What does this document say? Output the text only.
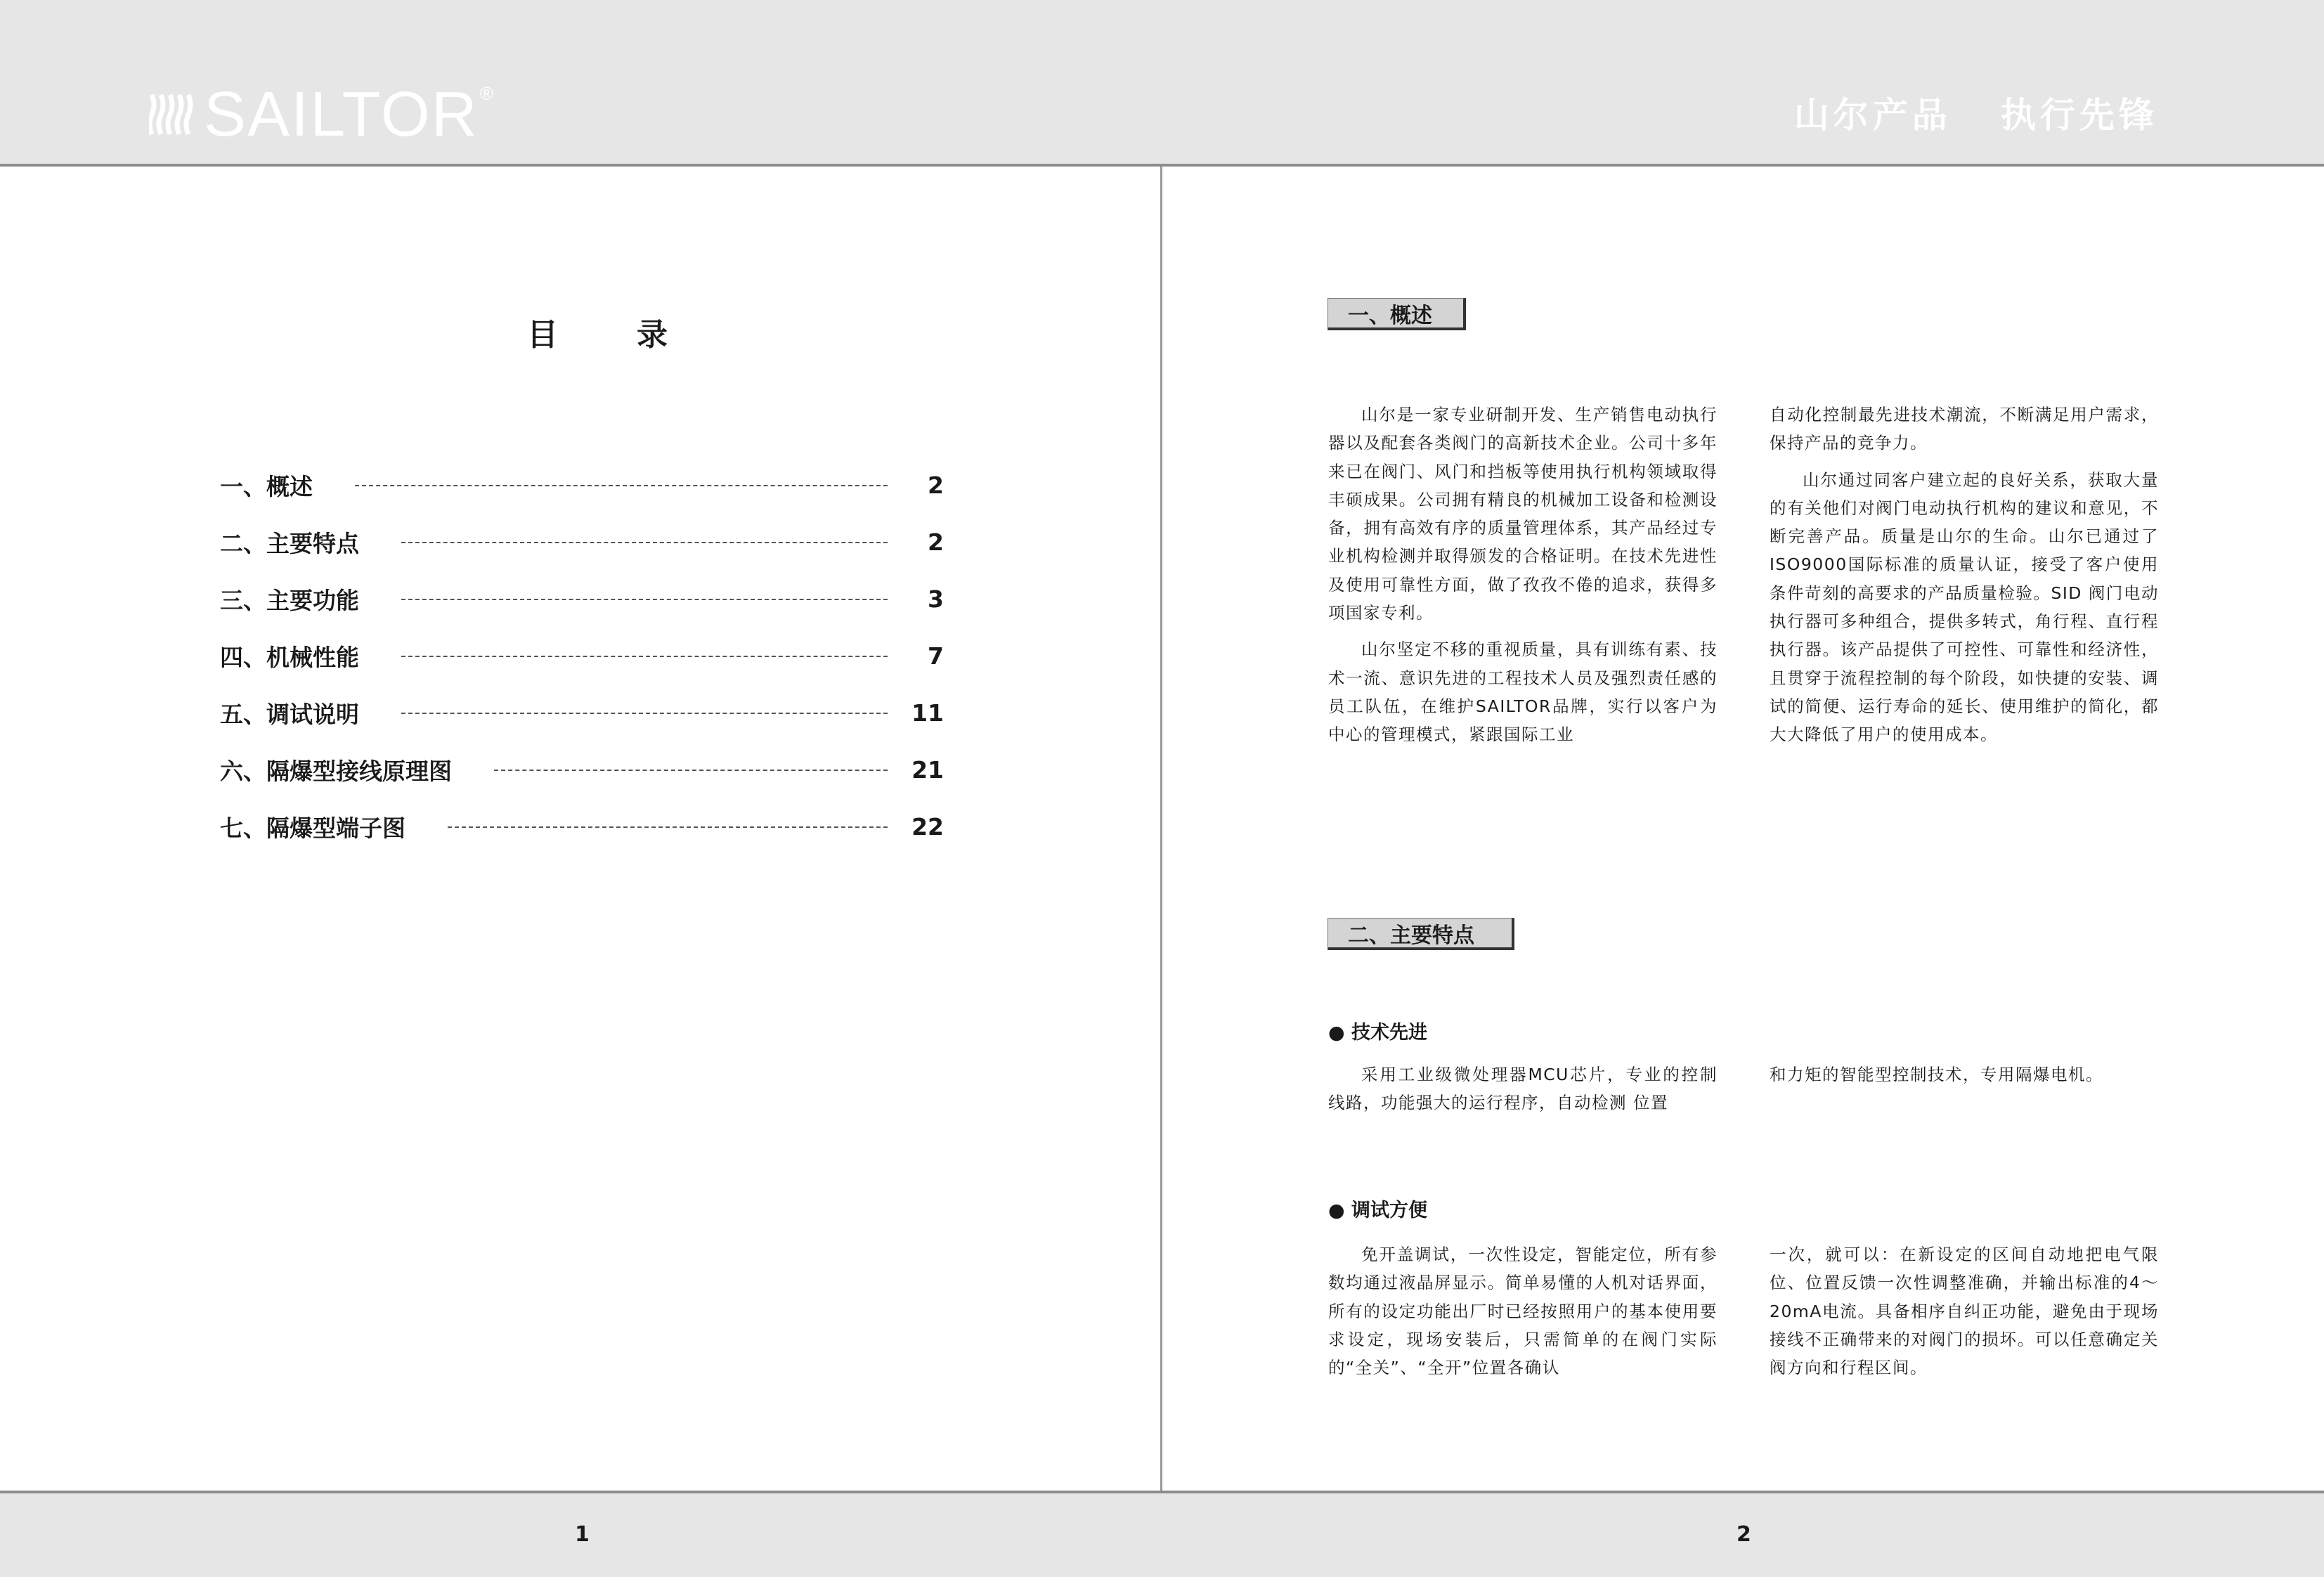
SAILTOR ®
山尔产品   执行先锋
目	录
一、概述	2
二、主要特点	2
三、主要功能	3
四、机械性能	7
五、调试说明	11
六、隔爆型接线原理图	21
七、隔爆型端子图	22
一、概述

山尔是一家专业研制开发、生产销售电动执行器以及配套各类阀门的高新技术企业。公司十多年来已在阀门、风门和挡板等使用执行机构领域取得丰硕成果。公司拥有精良的机械加工设备和检测设备，拥有高效有序的质量管理体系，其产品经过专业机构检测并取得颁发的合格证明。在技术先进性及使用可靠性方面，做了孜孜不倦的追求，获得多项国家专利。

山尔坚定不移的重视质量，具有训练有素、技术一流、意识先进的工程技术人员及强烈责任感的员工队伍，在维护SAILTOR品牌，实行以客户为中心的管理模式，紧跟国际工业

自动化控制最先进技术潮流，不断满足用户需求，保持产品的竞争力。

山尔通过同客户建立起的良好关系，获取大量的有关他们对阀门电动执行机构的建议和意见，不断完善产品。质量是山尔的生命。山尔已通过了ISO9000国际标准的质量认证，接受了客户使用条件苛刻的高要求的产品质量检验。SID 阀门电动执行器可多种组合，提供多转式，角行程、直行程执行器。该产品提供了可控性、可靠性和经济性，且贯穿于流程控制的每个阶段，如快捷的安装、调试的简便、运行寿命的延长、使用维护的简化，都大大降低了用户的使用成本。

二、主要特点
● 技术先进

采用工业级微处理器MCU芯片，专业的控制线路，功能强大的运行程序，自动检测 位置

和力矩的智能型控制技术，专用隔爆电机。

● 调试方便

免开盖调试，一次性设定，智能定位，所有参数均通过液晶屏显示。简单易懂的人机对话界面，所有的设定功能出厂时已经按照用户的基本使用要求设定，现场安装后，只需简单的在阀门实际的“全关”、“全开”位置各确认

一次，就可以：在新设定的区间自动地把电气限位、位置反馈一次性调整准确，并输出标准的4～20mA电流。具备相序自纠正功能，避免由于现场接线不正确带来的对阀门的损坏。可以任意确定关阀方向和行程区间。

1	2
